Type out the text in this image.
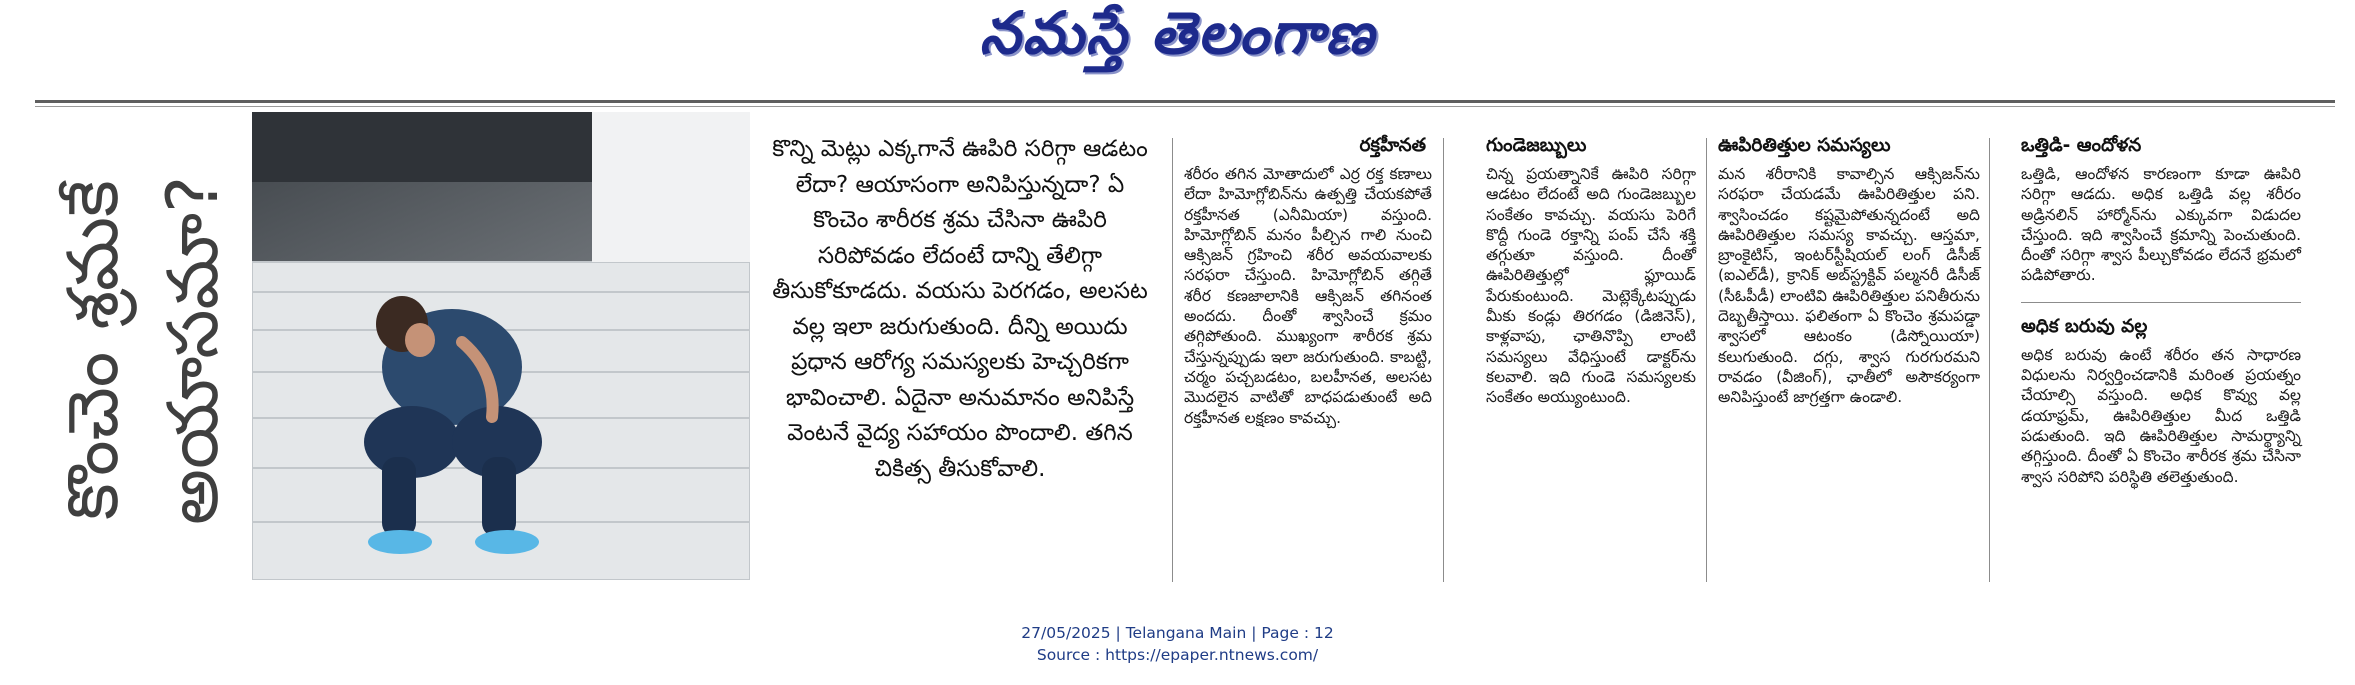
నమస్తే తెలంగాణ
కొంచెం శ్రమకే అయాసమా?
కొన్ని మెట్లు ఎక్కగానే ఊపిరి సరిగ్గా ఆడటం లేదా? ఆయాసంగా అనిపిస్తున్నదా? ఏ కొంచెం శారీరక శ్రమ చేసినా ఊపిరి సరిపోవడం లేదంటే దాన్ని తేలిగ్గా తీసుకోకూడదు. వయసు పెరగడం, అలసట వల్ల ఇలా జరుగుతుంది. దీన్ని అయిదు ప్రధాన ఆరోగ్య సమస్యలకు హెచ్చరికగా భావించాలి. ఏదైనా అనుమానం అనిపిస్తే వెంటనే వైద్య సహాయం పొందాలి. తగిన చికిత్స తీసుకోవాలి.
రక్తహీనత
శరీరం తగిన మోతాదులో ఎర్ర రక్త కణాలు లేదా హిమోగ్లోబిన్‌ను ఉత్పత్తి చేయకపోతే రక్తహీనత (ఎనీమియా) వస్తుంది. హిమోగ్లోబిన్ మనం పీల్చిన గాలి నుంచి ఆక్సిజన్ గ్రహించి శరీర అవయవాలకు సరఫరా చేస్తుంది. హిమోగ్లోబిన్ తగ్గితే శరీర కణజాలానికి ఆక్సిజన్ తగినంత అందదు. దీంతో శ్వాసించే క్రమం తగ్గిపోతుంది. ముఖ్యంగా శారీరక శ్రమ చేస్తున్నప్పుడు ఇలా జరుగుతుంది. కాబట్టి, చర్మం పచ్చబడటం, బలహీనత, అలసట మొదలైన వాటితో బాధపడుతుంటే అది రక్తహీనత లక్షణం కావచ్చు.
గుండెజబ్బులు
చిన్న ప్రయత్నానికే ఊపిరి సరిగ్గా ఆడటం లేదంటే అది గుండెజబ్బుల సంకేతం కావచ్చు. వయసు పెరిగే కొద్దీ గుండె రక్తాన్ని పంప్ చేసే శక్తి తగ్గుతూ వస్తుంది. దీంతో ఊపిరితిత్తుల్లో ఫ్లూయిడ్ పేరుకుంటుంది. మెట్లెక్కేటప్పుడు మీకు కండ్లు తిరగడం (డిజినెస్), కాళ్లవాపు, ఛాతినొప్పి లాంటి సమస్యలు వేధిస్తుంటే డాక్టర్‌ను కలవాలి. ఇది గుండె సమస్యలకు సంకేతం అయ్యుంటుంది.
ఊపిరితిత్తుల సమస్యలు
మన శరీరానికి కావాల్సిన ఆక్సిజన్‌ను సరఫరా చేయడమే ఊపిరితిత్తుల పని. శ్వాసించడం కష్టమైపోతున్నదంటే అది ఊపిరితిత్తుల సమస్య కావచ్చు. ఆస్తమా, బ్రాంకైటిస్, ఇంటర్‌స్టీషియల్ లంగ్ డిసీజ్ (ఐఎల్‌డీ), క్రానిక్ అబ్‌స్ట్రక్టివ్ పల్మనరీ డిసీజ్ (సీఓపీడీ) లాంటివి ఊపిరితిత్తుల పనితీరును దెబ్బతీస్తాయి. ఫలితంగా ఏ కొంచెం శ్రమపడ్డా శ్వాసలో ఆటంకం (డిస్నోయియా) కలుగుతుంది. దగ్గు, శ్వాస గురగురమని రావడం (వీజింగ్), ఛాతీలో అసౌకర్యంగా అనిపిస్తుంటే జాగ్రత్తగా ఉండాలి.
ఒత్తిడి- ఆందోళన
ఒత్తిడి, ఆందోళన కారణంగా కూడా ఊపిరి సరిగ్గా ఆడదు. అధిక ఒత్తిడి వల్ల శరీరం అడ్రినలిన్ హార్మోన్‌ను ఎక్కువగా విడుదల చేస్తుంది. ఇది శ్వాసించే క్రమాన్ని పెంచుతుంది. దీంతో సరిగ్గా శ్వాస పీల్చుకోవడం లేదనే భ్రమలో పడిపోతారు.
అధిక బరువు వల్ల
అధిక బరువు ఉంటే శరీరం తన సాధారణ విధులను నిర్వర్తించడానికి మరింత ప్రయత్నం చేయాల్సి వస్తుంది. అధిక కొవ్వు వల్ల డయాఫ్రమ్, ఊపిరితిత్తుల మీద ఒత్తిడి పడుతుంది. ఇది ఊపిరితిత్తుల సామర్థ్యాన్ని తగ్గిస్తుంది. దీంతో ఏ కొంచెం శారీరక శ్రమ చేసినా శ్వాస సరిపోని పరిస్థితి తలెత్తుతుంది.
27/05/2025 | Telangana Main | Page : 12
Source : https://epaper.ntnews.com/
